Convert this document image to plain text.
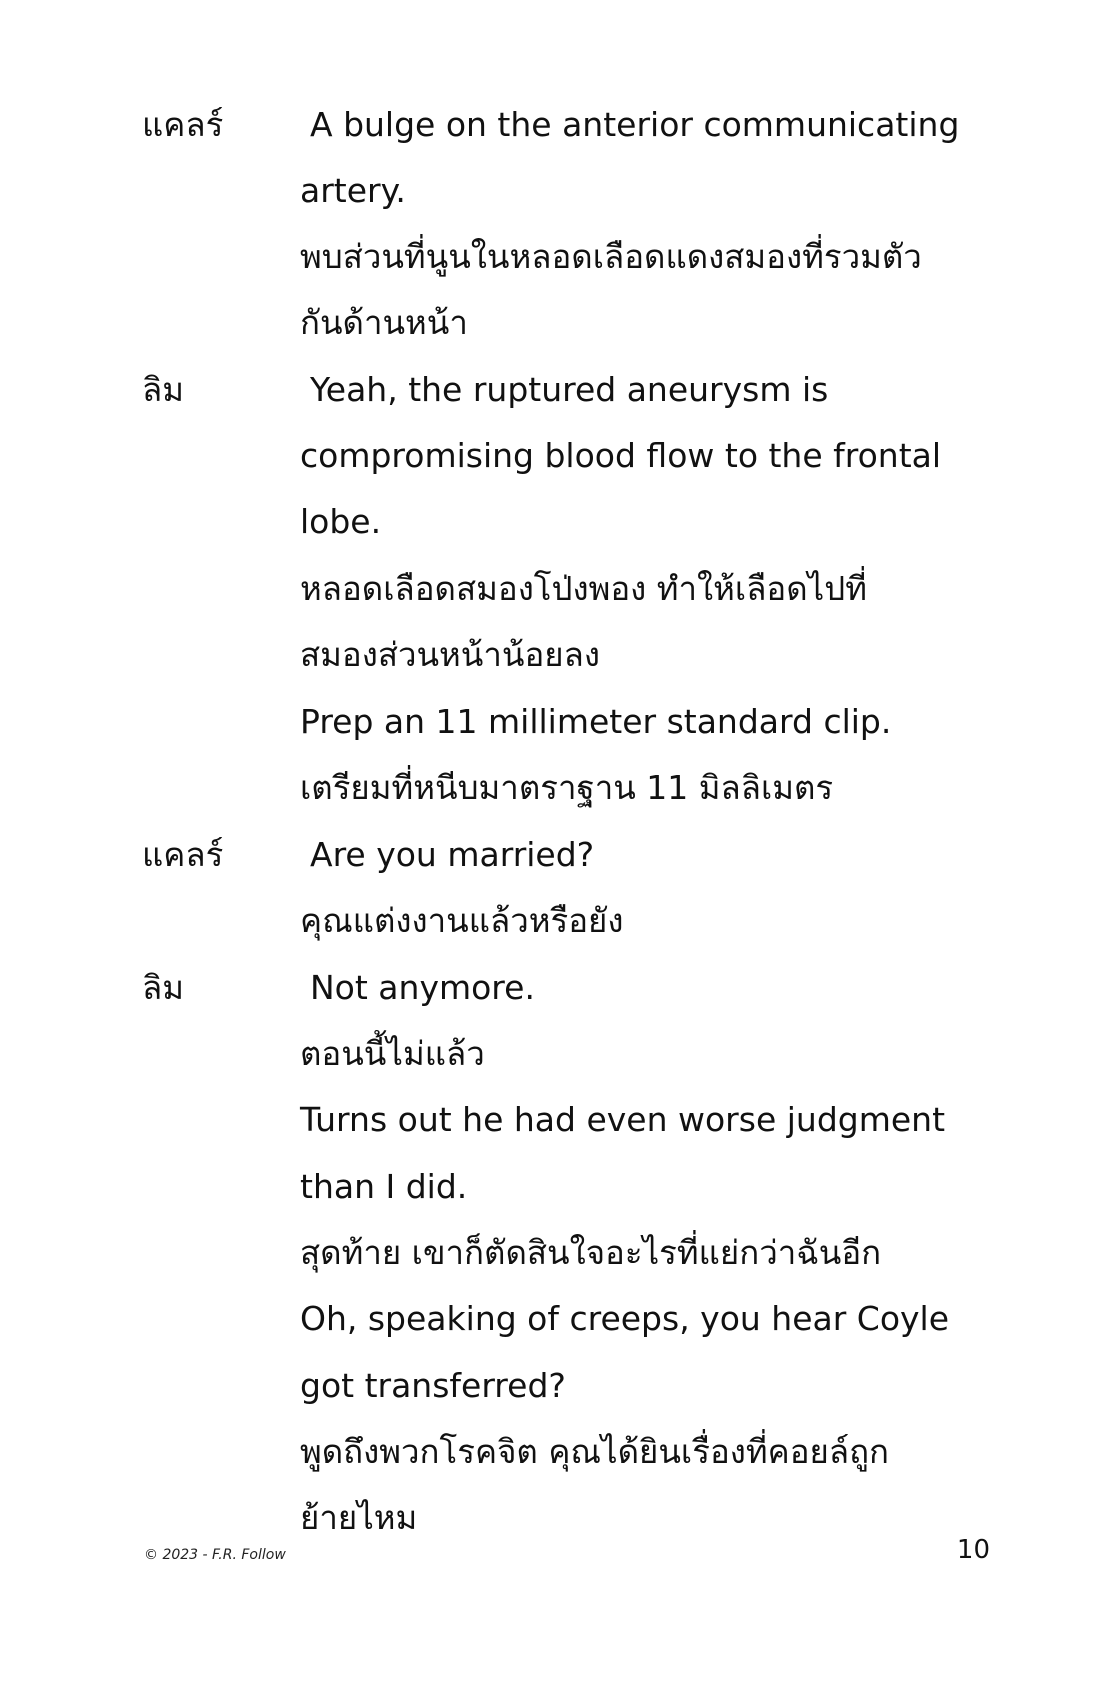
แคลร์
ลิม
แคลร์
ลิม
A bulge on the anterior communicating
artery.
พบส่วนที่นูนในหลอดเลือดแดงสมองที่รวมตัว
กันด้านหน้า
Yeah, the ruptured aneurysm is
compromising blood flow to the frontal
lobe.
หลอดเลือดสมองโป่งพอง ทำให้เลือดไปที่
สมองส่วนหน้าน้อยลง
Prep an 11 millimeter standard clip.
เตรียมที่หนีบมาตราฐาน 11 มิลลิเมตร
Are you married?
คุณแต่งงานแล้วหรือยัง
Not anymore.
ตอนนี้ไม่แล้ว
Turns out he had even worse judgment
than I did.
สุดท้าย เขาก็ตัดสินใจอะไรที่แย่กว่าฉันอีก
Oh, speaking of creeps, you hear Coyle
got transferred?
พูดถึงพวกโรคจิต คุณได้ยินเรื่องที่คอยล์ถูก
ย้ายไหม
© 2023 - F.R. Follow	10
